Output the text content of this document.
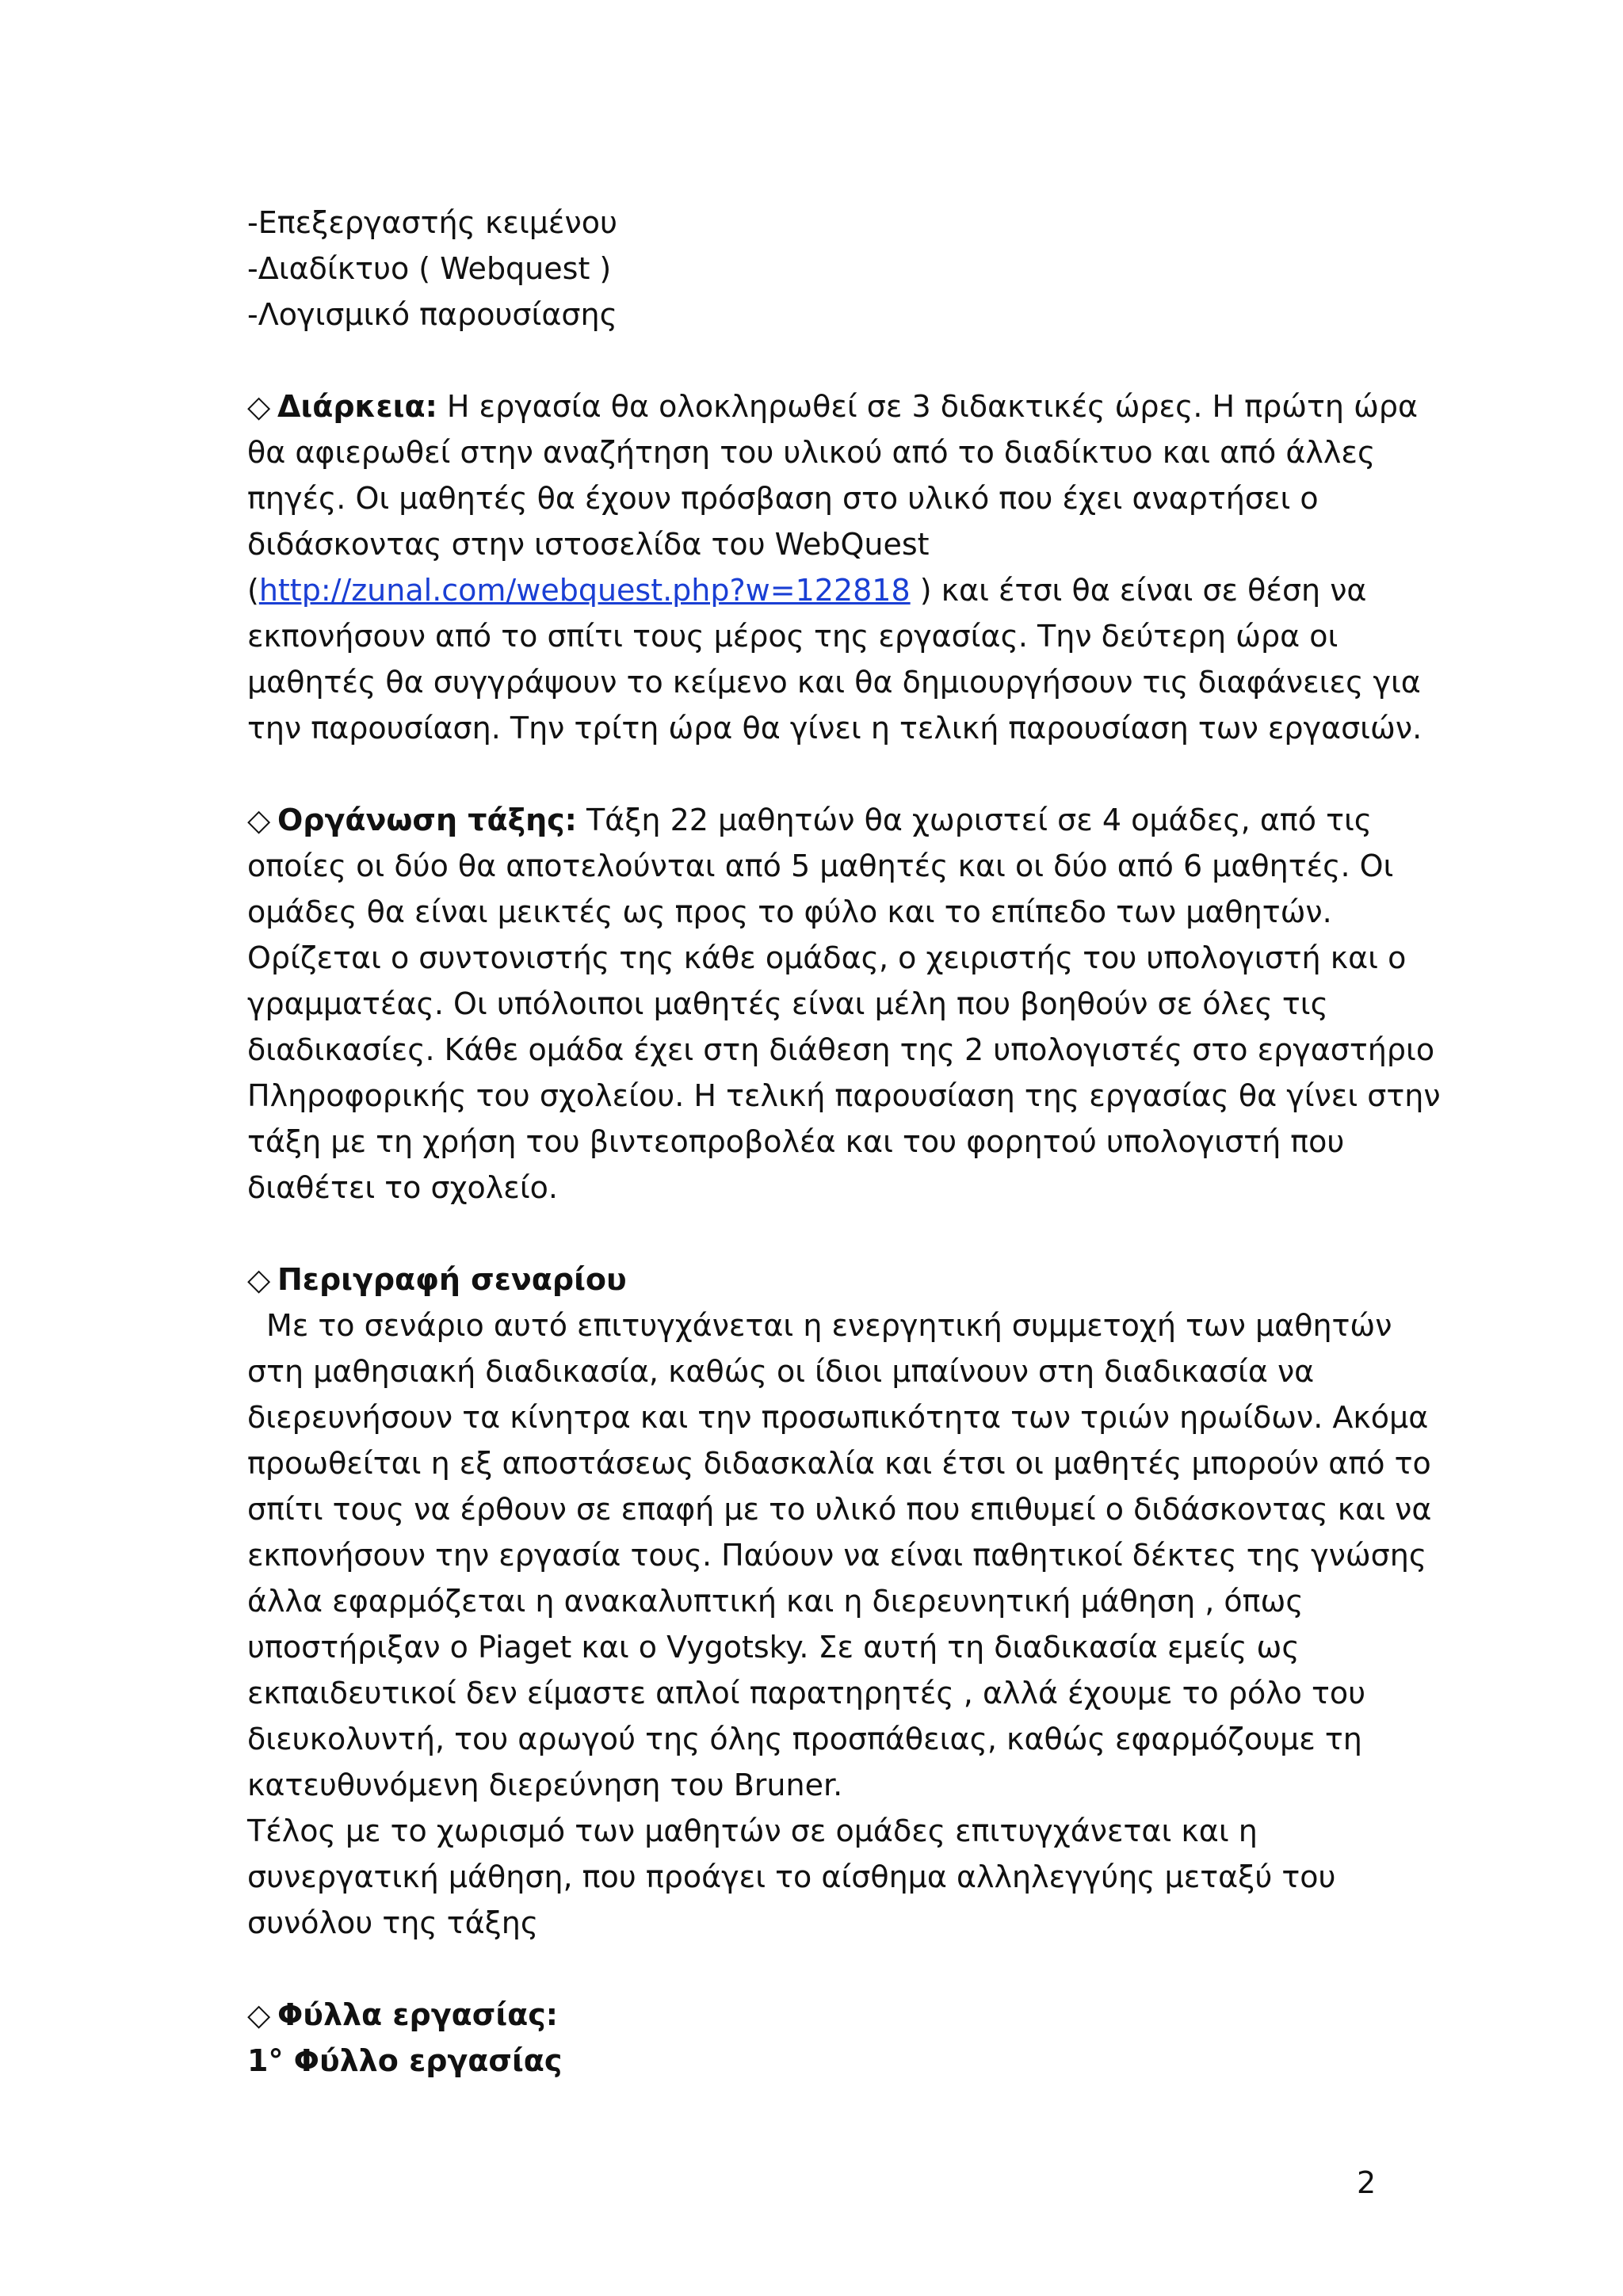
-Επεξεργαστής κειμένου
-Διαδίκτυο ( Webquest )
-Λογισμικό παρουσίασης
◇ Διάρκεια: Η εργασία θα ολοκληρωθεί σε 3 διδακτικές ώρες. Η πρώτη ώρα
θα αφιερωθεί στην αναζήτηση του υλικού από το διαδίκτυο και από άλλες
πηγές. Οι μαθητές θα έχουν πρόσβαση στο υλικό που έχει αναρτήσει ο
διδάσκοντας στην ιστοσελίδα του WebQuest
(http://zunal.com/webquest.php?w=122818 ) και έτσι θα είναι σε θέση να
εκπονήσουν από το σπίτι τους μέρος της εργασίας. Την δεύτερη ώρα οι
μαθητές θα συγγράψουν το κείμενο και θα δημιουργήσουν τις διαφάνειες για
την παρουσίαση. Την τρίτη ώρα θα γίνει η τελική παρουσίαση των εργασιών.
◇ Οργάνωση τάξης: Τάξη 22 μαθητών θα χωριστεί σε 4 ομάδες, από τις
οποίες οι δύο θα αποτελούνται από 5 μαθητές και οι δύο από 6 μαθητές. Οι
ομάδες θα είναι μεικτές ως προς το φύλο και το επίπεδο των μαθητών.
Ορίζεται ο συντονιστής της κάθε ομάδας, ο χειριστής του υπολογιστή και ο
γραμματέας. Οι υπόλοιποι μαθητές είναι μέλη που βοηθούν σε όλες τις
διαδικασίες. Κάθε ομάδα έχει στη διάθεση της 2 υπολογιστές στο εργαστήριο
Πληροφορικής του σχολείου. Η τελική παρουσίαση της εργασίας θα γίνει στην
τάξη με τη χρήση του βιντεοπροβολέα και του φορητού υπολογιστή που
διαθέτει το σχολείο.
◇ Περιγραφή σεναρίου
Με το σενάριο αυτό επιτυγχάνεται η ενεργητική συμμετοχή των μαθητών
στη μαθησιακή διαδικασία, καθώς οι ίδιοι μπαίνουν στη διαδικασία να
διερευνήσουν τα κίνητρα και την προσωπικότητα των τριών ηρωίδων. Ακόμα
προωθείται η εξ αποστάσεως διδασκαλία και έτσι οι μαθητές μπορούν από το
σπίτι τους να έρθουν σε επαφή με το υλικό που επιθυμεί ο διδάσκοντας και να
εκπονήσουν την εργασία τους. Παύουν να είναι παθητικοί δέκτες της γνώσης
άλλα εφαρμόζεται η ανακαλυπτική και η διερευνητική μάθηση , όπως
υποστήριξαν ο Piaget και ο Vygotsky. Σε αυτή τη διαδικασία εμείς ως
εκπαιδευτικοί δεν είμαστε απλοί παρατηρητές , αλλά έχουμε το ρόλο του
διευκολυντή, του αρωγού της όλης προσπάθειας, καθώς εφαρμόζουμε τη
κατευθυνόμενη διερεύνηση του Bruner.
Τέλος με το χωρισμό των μαθητών σε ομάδες επιτυγχάνεται και η
συνεργατική μάθηση, που προάγει το αίσθημα αλληλεγγύης μεταξύ του
συνόλου της τάξης
◇ Φύλλα εργασίας:
1° Φύλλο εργασίας
2
